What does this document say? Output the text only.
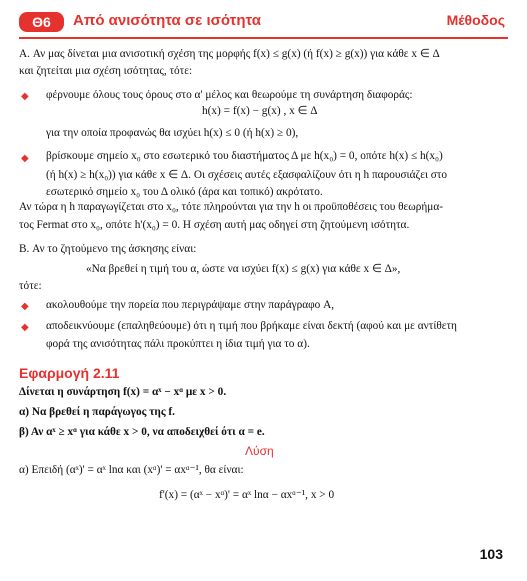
Θ6	Από ανισότητα σε ισότητα	Μέθοδος
A. Αν μας δίνεται μια ανισοτική σχέση της μορφής f(x) ≤ g(x) (ή f(x) ≥ g(x)) για κάθε x ∈ Δ
και ζητείται μια σχέση ισότητας, τότε:
◆ φέρνουμε όλους τους όρους στο α' μέλος και θεωρούμε τη συνάρτηση διαφοράς:
h(x) = f(x) − g(x) , x ∈ Δ
για την οποία προφανώς θα ισχύει h(x) ≤ 0 (ή h(x) ≥ 0),
◆ βρίσκουμε σημείο x₀ στο εσωτερικό του διαστήματος Δ με h(x₀) = 0, οπότε h(x) ≤ h(x₀)
(ή h(x) ≥ h(x₀)) για κάθε x ∈ Δ. Οι σχέσεις αυτές εξασφαλίζουν ότι η h παρουσιάζει στο
εσωτερικό σημείο x₀ του Δ ολικό (άρα και τοπικό) ακρότατο.
Αν τώρα η h παραγωγίζεται στο x₀, τότε πληρούνται για την h οι προϋποθέσεις του θεωρήμα-
τος Fermat στο x₀, οπότε h'(x₀) = 0. Η σχέση αυτή μας οδηγεί στη ζητούμενη ισότητα.
B. Αν το ζητούμενο της άσκησης είναι:
«Να βρεθεί η τιμή του α, ώστε να ισχύει f(x) ≤ g(x) για κάθε x ∈ Δ»,
τότε:
◆ ακολουθούμε την πορεία που περιγράψαμε στην παράγραφο A,
◆ αποδεικνύουμε (επαληθεύουμε) ότι η τιμή που βρήκαμε είναι δεκτή (αφού και με αντίθετη
φορά της ανισότητας πάλι προκύπτει η ίδια τιμή για το α).
Εφαρμογή 2.11
Δίνεται η συνάρτηση f(x) = αˣ − xᵅ με x > 0.
α) Να βρεθεί η παράγωγος της f.
β) Αν αˣ ≥ xᵅ για κάθε x > 0, να αποδειχθεί ότι α = e.
Λύση
α) Επειδή (αˣ)' = αˣ lnα και (xᵅ)' = αxᵅ⁻¹, θα είναι:
f'(x) = (αˣ − xᵅ)' = αˣ lnα − αxᵅ⁻¹, x > 0
103
